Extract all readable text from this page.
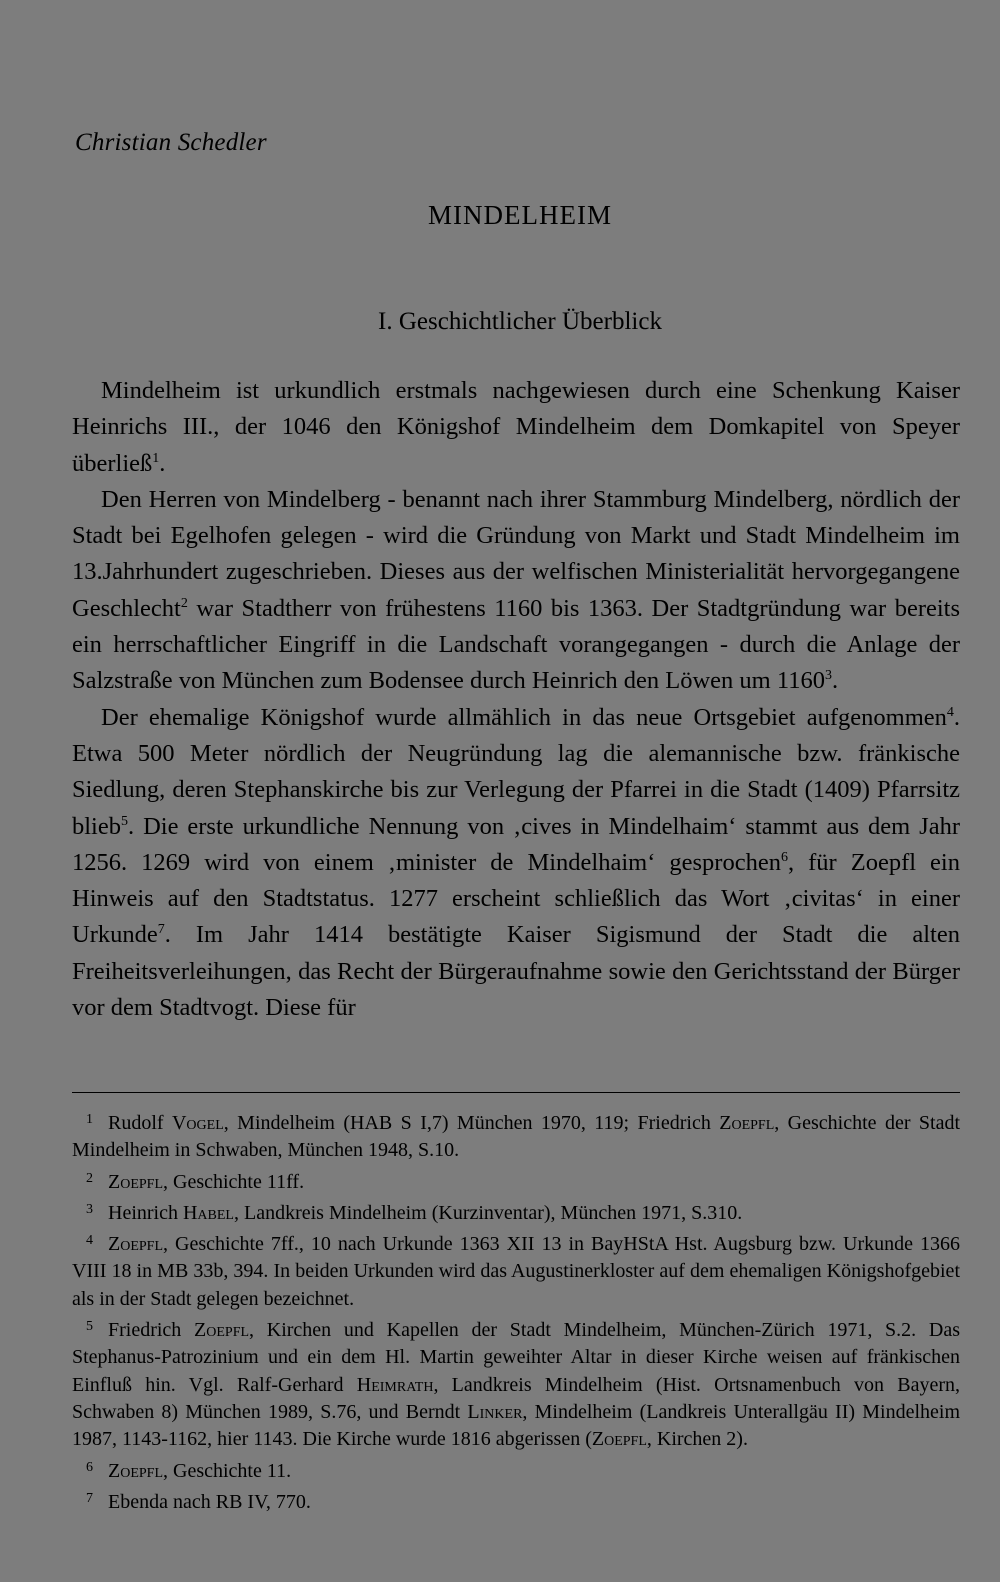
Christian Schedler
MINDELHEIM
I. Geschichtlicher Überblick

Mindelheim ist urkundlich erstmals nachgewiesen durch eine Schenkung Kaiser Heinrichs III., der 1046 den Königshof Mindelheim dem Domkapitel von Speyer überließ$^1$.

Den Herren von Mindelberg - benannt nach ihrer Stammburg Mindelberg, nördlich der Stadt bei Egelhofen gelegen - wird die Gründung von Markt und Stadt Mindelheim im 13.Jahrhundert zugeschrieben. Dieses aus der welfischen Ministerialität hervorgegangene Geschlecht$^2$ war Stadtherr von frühestens 1160 bis 1363. Der Stadtgründung war bereits ein herrschaftlicher Eingriff in die Landschaft vorangegangen - durch die Anlage der Salzstraße von München zum Bodensee durch Heinrich den Löwen um 1160$^3$.

Der ehemalige Königshof wurde allmählich in das neue Ortsgebiet aufgenommen$^4$. Etwa 500 Meter nördlich der Neugründung lag die alemannische bzw. fränkische Siedlung, deren Stephanskirche bis zur Verlegung der Pfarrei in die Stadt (1409) Pfarrsitz blieb$^5$. Die erste urkundliche Nennung von ‚cives in Mindelhaim‘ stammt aus dem Jahr 1256. 1269 wird von einem ‚minister de Mindelhaim‘ gesprochen$^6$, für Zoepfl ein Hinweis auf den Stadtstatus. 1277 erscheint schließlich das Wort ‚civitas‘ in einer Urkunde$^7$. Im Jahr 1414 bestätigte Kaiser Sigismund der Stadt die alten Freiheitsverleihungen, das Recht der Bürgeraufnahme sowie den Gerichtsstand der Bürger vor dem Stadtvogt. Diese für

1 Rudolf Vogel, Mindelheim (HAB S I,7) München 1970, 119; Friedrich Zoepfl, Geschichte der Stadt Mindelheim in Schwaben, München 1948, S.10.

2 Zoepfl, Geschichte 11ff.

3 Heinrich Habel, Landkreis Mindelheim (Kurzinventar), München 1971, S.310.

4 Zoepfl, Geschichte 7ff., 10 nach Urkunde 1363 XII 13 in BayHStA Hst. Augsburg bzw. Urkunde 1366 VIII 18 in MB 33b, 394. In beiden Urkunden wird das Augustinerkloster auf dem ehemaligen Königshofgebiet als in der Stadt gelegen bezeichnet.

5 Friedrich Zoepfl, Kirchen und Kapellen der Stadt Mindelheim, München-Zürich 1971, S.2. Das Stephanus-Patrozinium und ein dem Hl. Martin geweihter Altar in dieser Kirche weisen auf fränkischen Einfluß hin. Vgl. Ralf-Gerhard Heimrath, Landkreis Mindelheim (Hist. Ortsnamenbuch von Bayern, Schwaben 8) München 1989, S.76, und Berndt Linker, Mindelheim (Landkreis Unterallgäu II) Mindelheim 1987, 1143-1162, hier 1143. Die Kirche wurde 1816 abgerissen (Zoepfl, Kirchen 2).

6 Zoepfl, Geschichte 11.

7 Ebenda nach RB IV, 770.
